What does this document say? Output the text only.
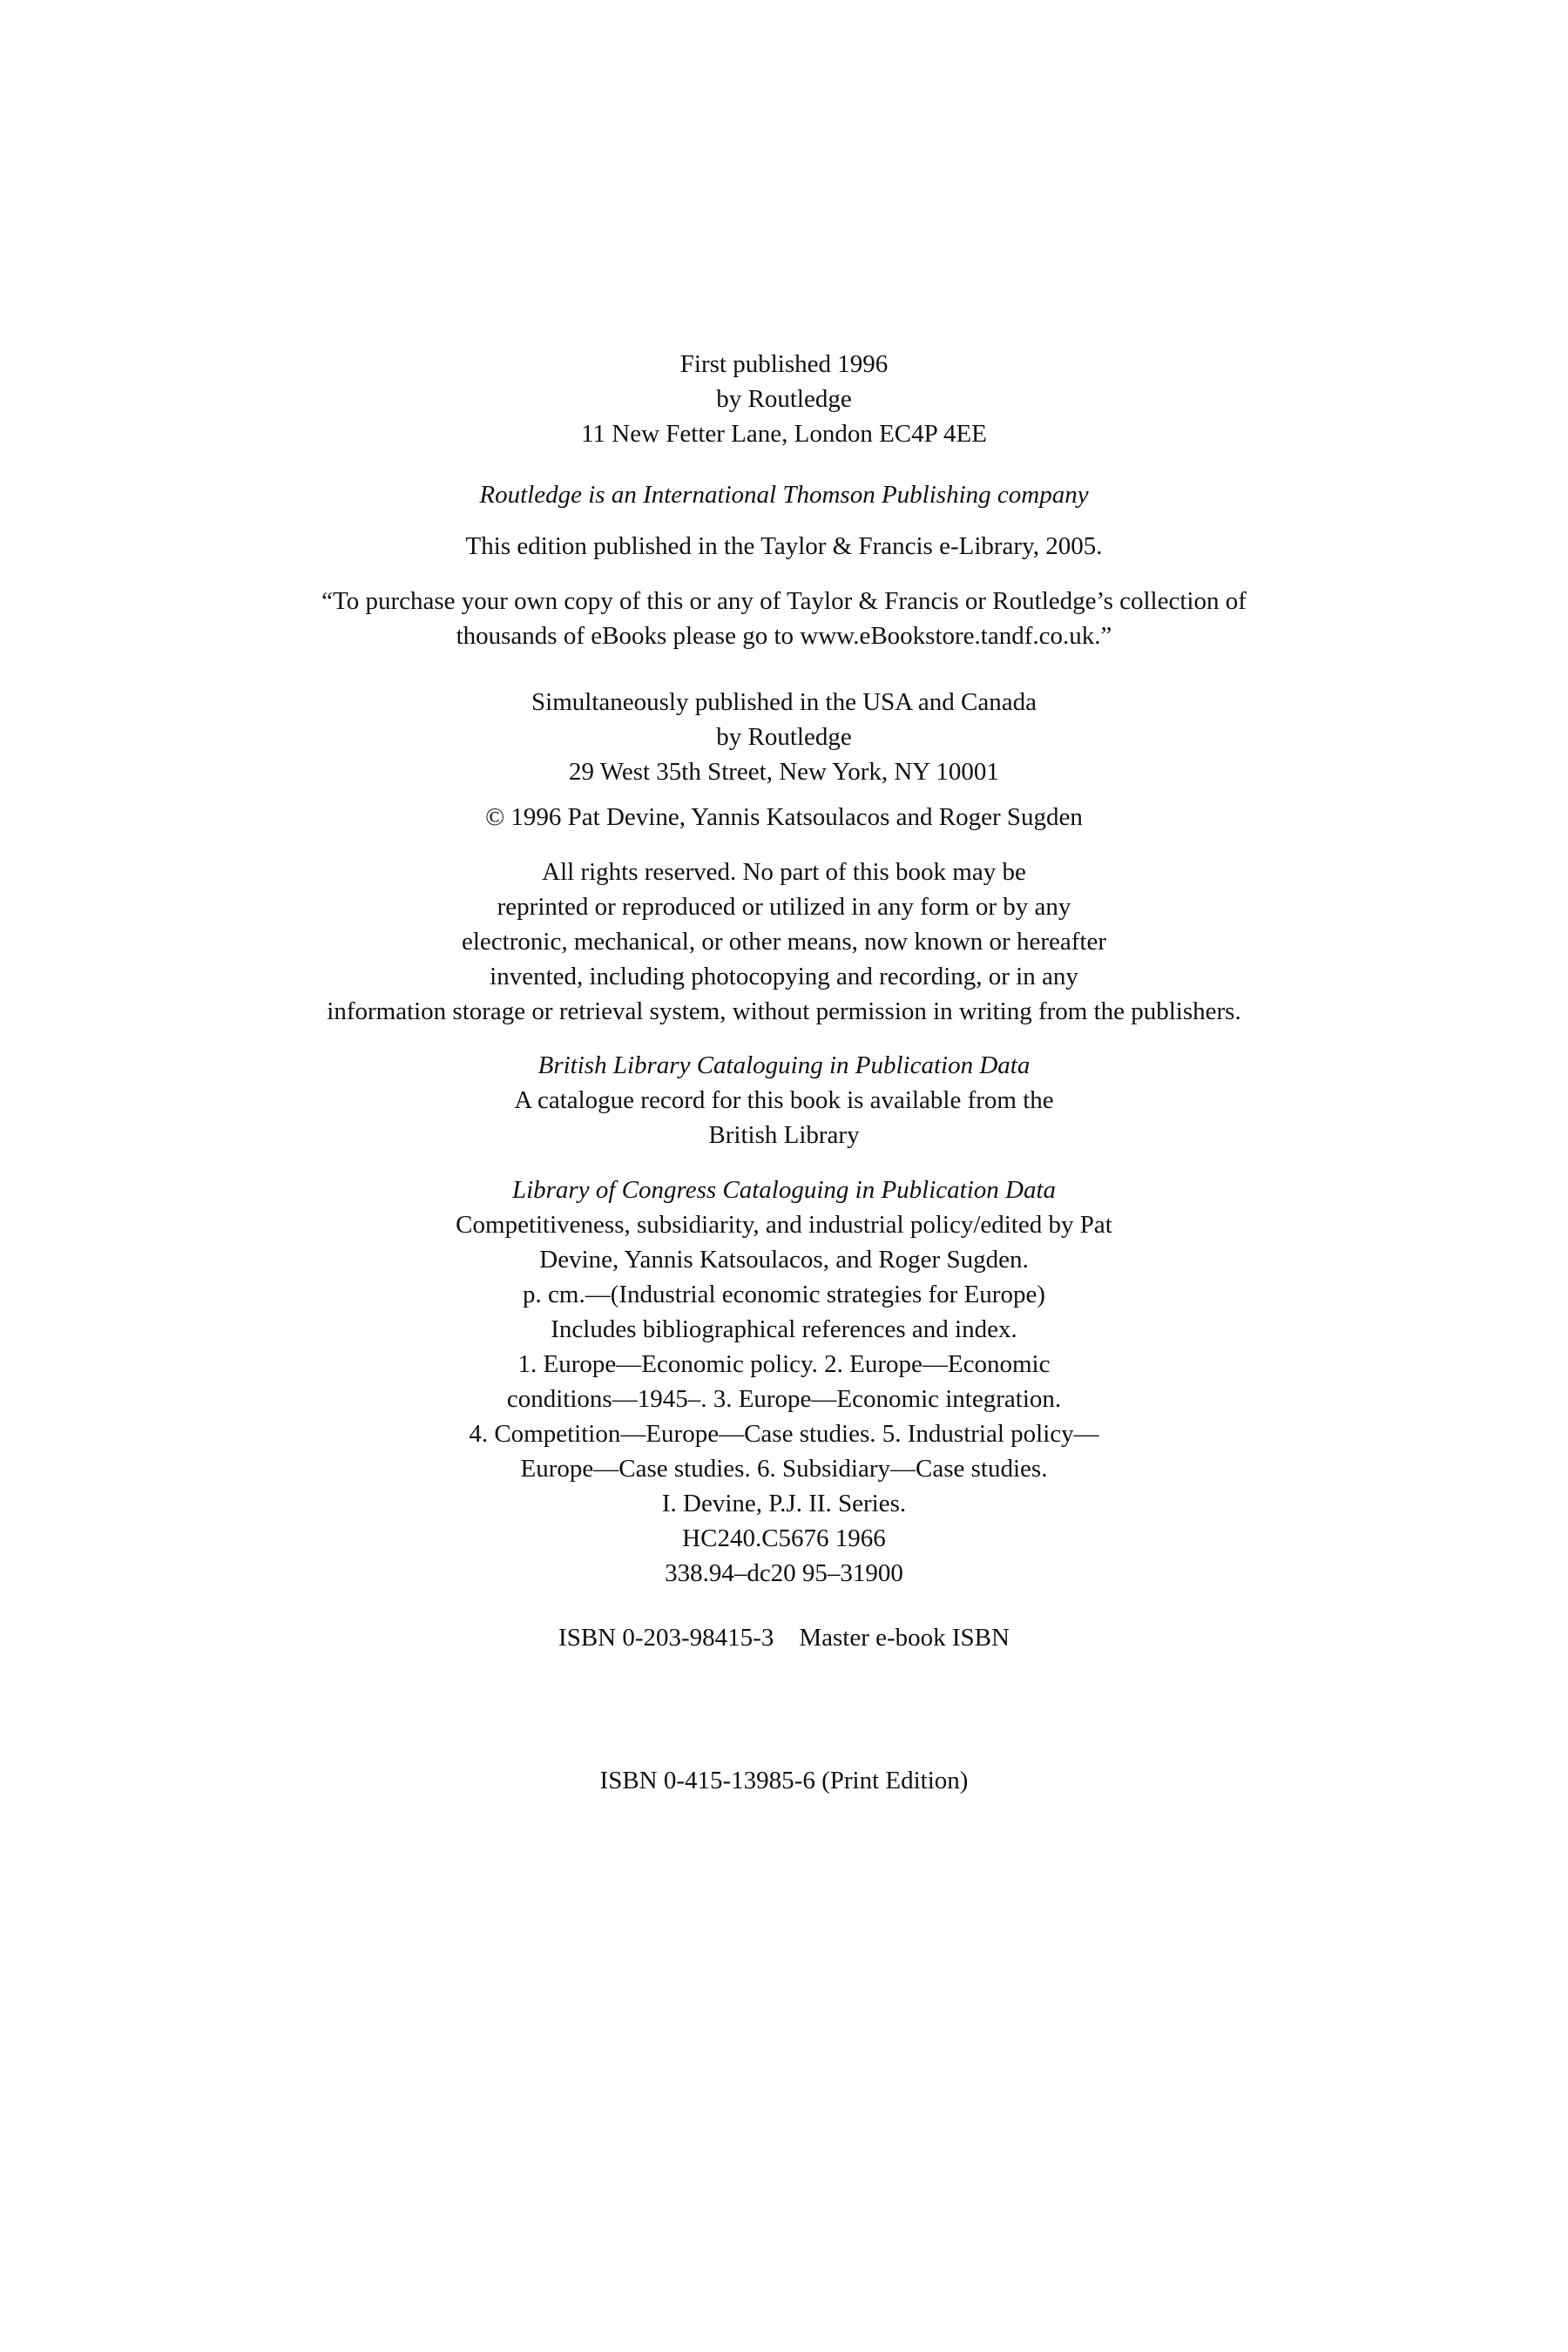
First published 1996
by Routledge
11 New Fetter Lane, London EC4P 4EE
Routledge is an International Thomson Publishing company
This edition published in the Taylor & Francis e-Library, 2005.
“To purchase your own copy of this or any of Taylor & Francis or Routledge’s collection of
thousands of eBooks please go to www.eBookstore.tandf.co.uk.”
Simultaneously published in the USA and Canada
by Routledge
29 West 35th Street, New York, NY 10001
© 1996 Pat Devine, Yannis Katsoulacos and Roger Sugden
All rights reserved. No part of this book may be
reprinted or reproduced or utilized in any form or by any
electronic, mechanical, or other means, now known or hereafter
invented, including photocopying and recording, or in any
information storage or retrieval system, without permission in writing from the publishers.
British Library Cataloguing in Publication Data
A catalogue record for this book is available from the
British Library
Library of Congress Cataloguing in Publication Data
Competitiveness, subsidiarity, and industrial policy/edited by Pat
Devine, Yannis Katsoulacos, and Roger Sugden.
p. cm.—(Industrial economic strategies for Europe)
Includes bibliographical references and index.
1. Europe—Economic policy. 2. Europe—Economic
conditions—1945–. 3. Europe—Economic integration.
4. Competition—Europe—Case studies. 5. Industrial policy—
Europe—Case studies. 6. Subsidiary—Case studies.
I. Devine, P.J. II. Series.
HC240.C5676 1966
338.94–dc20 95–31900
ISBN 0-203-98415-3    Master e-book ISBN
ISBN 0-415-13985-6 (Print Edition)
